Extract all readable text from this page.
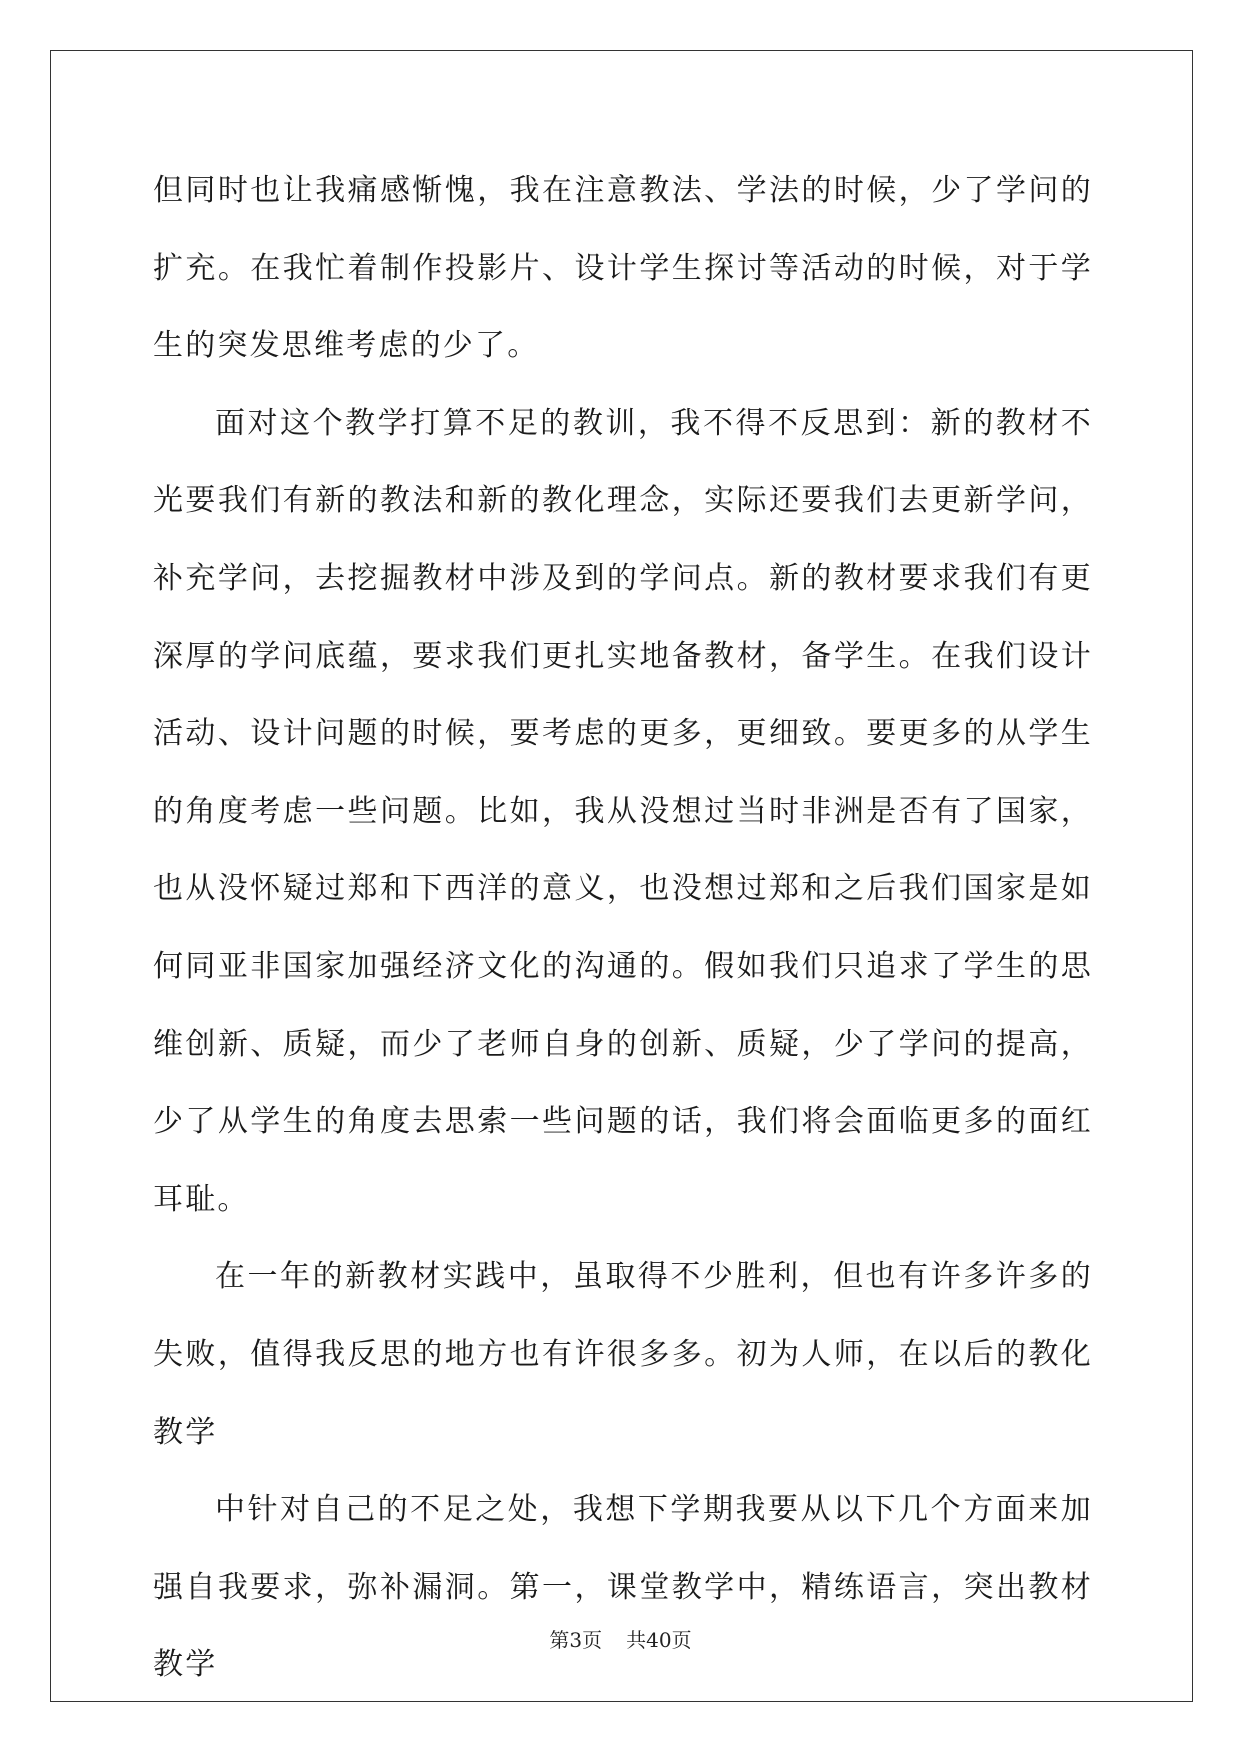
但同时也让我痛感惭愧，我在注意教法、学法的时候，少了学问的扩充。在我忙着制作投影片、设计学生探讨等活动的时候，对于学生的突发思维考虑的少了。

面对这个教学打算不足的教训，我不得不反思到：新的教材不光要我们有新的教法和新的教化理念，实际还要我们去更新学问，补充学问，去挖掘教材中涉及到的学问点。新的教材要求我们有更深厚的学问底蕴，要求我们更扎实地备教材，备学生。在我们设计活动、设计问题的时候，要考虑的更多，更细致。要更多的从学生的角度考虑一些问题。比如，我从没想过当时非洲是否有了国家，也从没怀疑过郑和下西洋的意义，也没想过郑和之后我们国家是如何同亚非国家加强经济文化的沟通的。假如我们只追求了学生的思维创新、质疑，而少了老师自身的创新、质疑，少了学问的提高，少了从学生的角度去思索一些问题的话，我们将会面临更多的面红耳耻。

在一年的新教材实践中，虽取得不少胜利，但也有许多许多的失败，值得我反思的地方也有许很多多。初为人师，在以后的教化教学

中针对自己的不足之处，我想下学期我要从以下几个方面来加强自我要求，弥补漏洞。第一，课堂教学中，精练语言，突出教材教学

第3页 共40页
